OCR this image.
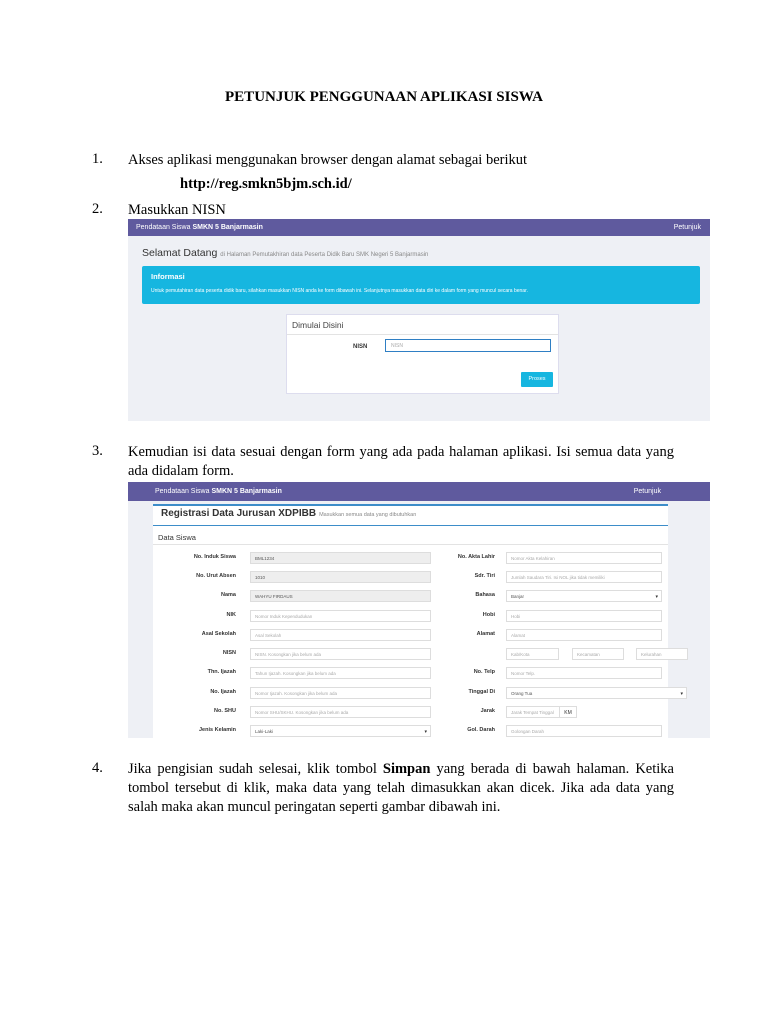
PETUNJUK PENGGUNAAN APLIKASI SISWA
1. Akses aplikasi menggunakan browser dengan alamat sebagai berikut
http://reg.smkn5bjm.sch.id/
2. Masukkan NISN
Pendataan Siswa SMKN 5 Banjarmasin	Petunjuk
Selamat Datang di Halaman Pemutakhiran data Peserta Didik Baru SMK Negeri 5 Banjarmasin
Informasi
Untuk pemutahiran data peserta didik baru, silahkan masukkan NISN anda ke form dibawah ini. Selanjutnya masukkan data diri ke dalam form yang muncul secara benar.
Dimulai Disini
NISN	NISN
Proses
3. Kemudian isi data sesuai dengan form yang ada pada halaman aplikasi. Isi semua data yang ada didalam form.
Pendataan Siswa SMKN 5 Banjarmasin	Petunjuk
Registrasi Data Jurusan XDPIBB Masukkan semua data yang dibutuhkan
Data Siswa
No. Induk Siswa	BML1234
No. Urut Absen	1010
Nama	WAHYU FIRDAUS
NIK	Nomor Induk Kependudukan
Asal Sekolah	Asal Sekolah
NISN	NISN. Kosongkan jika belum ada
Thn. Ijazah	Tahun Ijazah. Kosongkan jika belum ada
No. Ijazah	Nomor Ijazah. Kosongkan jika belum ada
No. SHU	Nomor SHU/SKHU. Kosongkan jika belum ada
Jenis Kelamin	Laki-Laki	▾
No. Akta Lahir	Nomor Akta Kelahiran
Sdr. Tiri	Jumlah Saudara Tiri. Isi NOL jika tidak memiliki
Bahasa	Banjar	▾
Hobi	Hobi
Alamat	Alamat
Kab/Kota	Kecamatan	Kelurahan
No. Telp	Nomor Telp.
Tinggal Di	Orang Tua	▾
Jarak	Jarak Tempat Tinggal	KM
Gol. Darah	Golongan Darah
4. Jika pengisian sudah selesai, klik tombol Simpan yang berada di bawah halaman. Ketika tombol tersebut di klik, maka data yang telah dimasukkan akan dicek. Jika ada data yang salah maka akan muncul peringatan seperti gambar dibawah ini.
